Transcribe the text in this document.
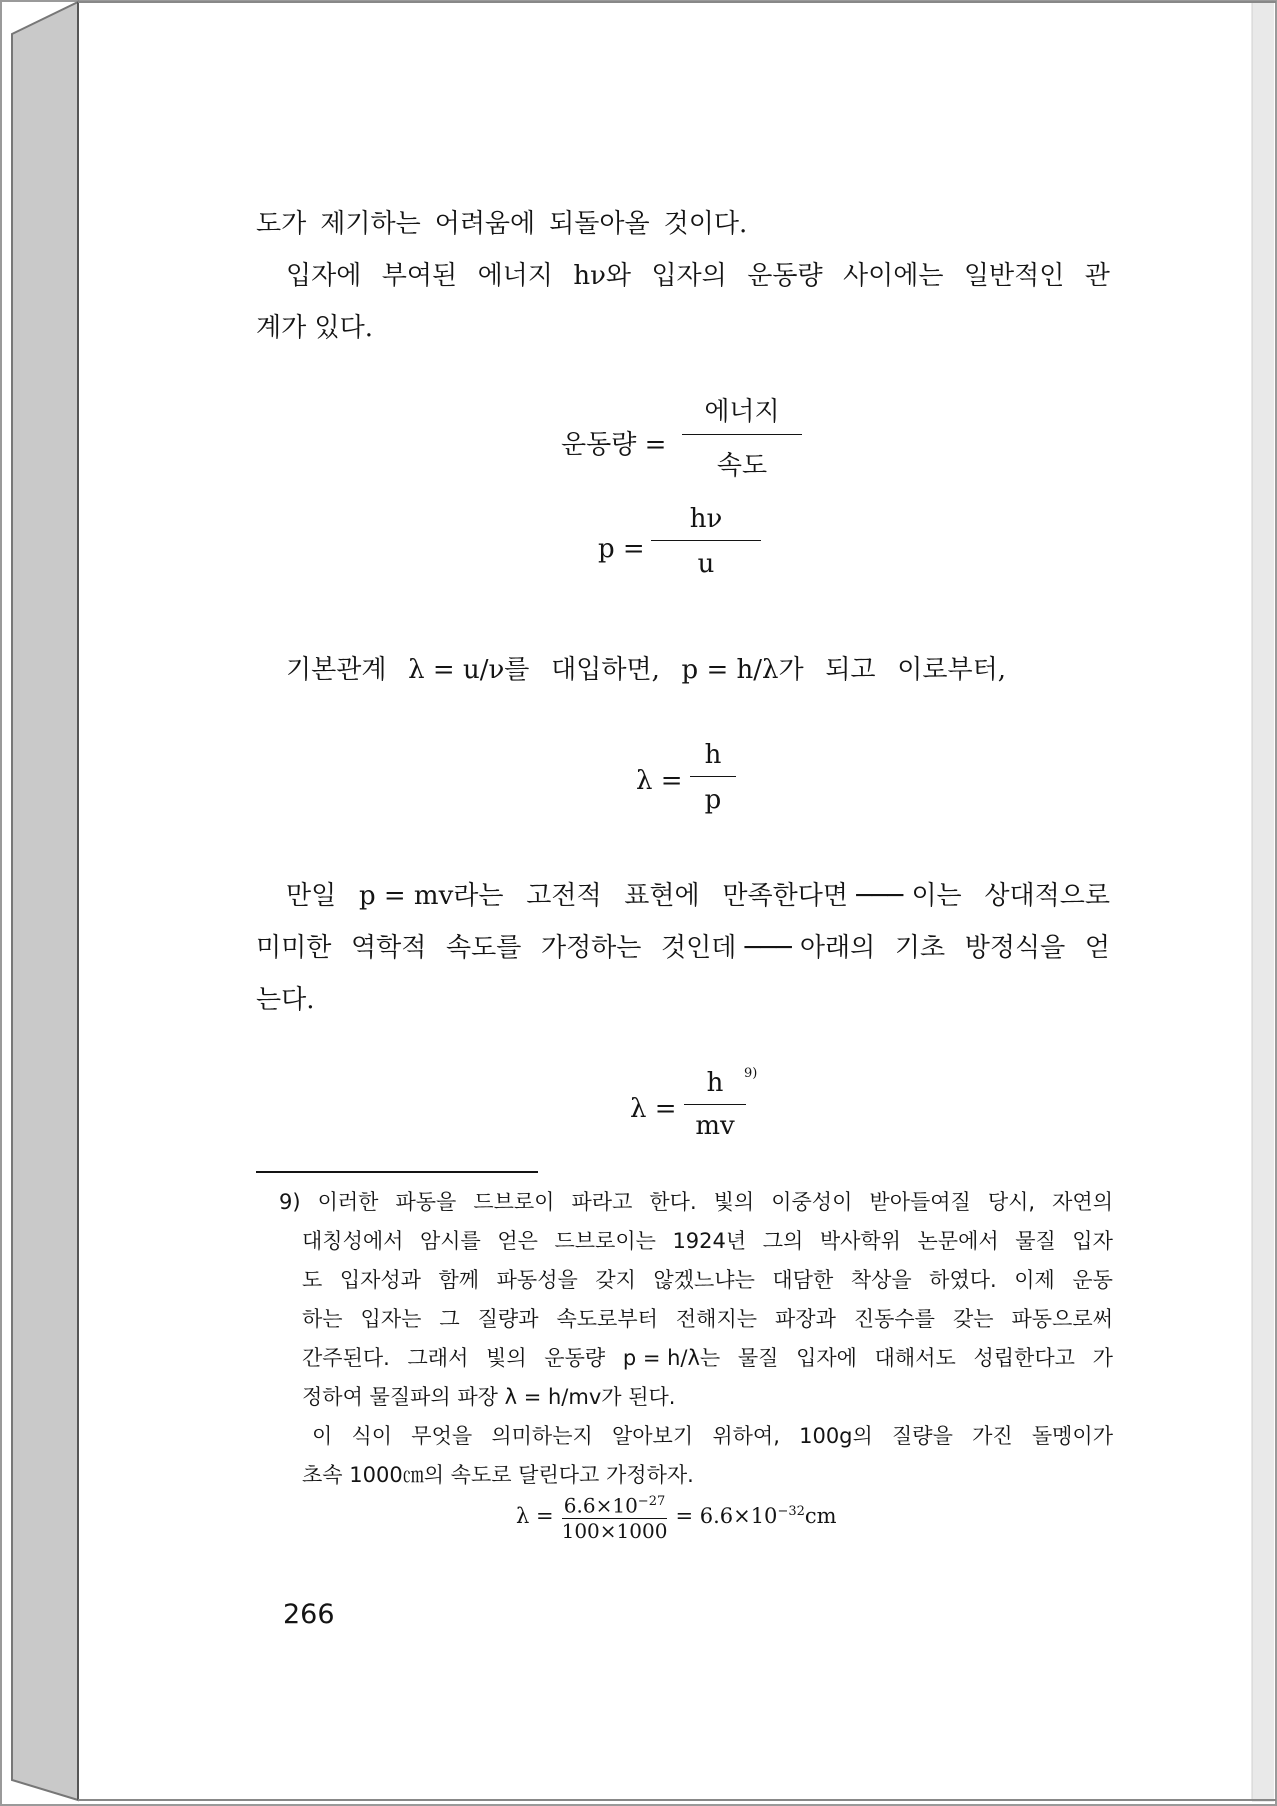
도가 제기하는 어려움에 되돌아올 것이다.
입자에 부여된 에너지 hν와 입자의 운동량 사이에는 일반적인 관
계가 있다.
운동량 =
에너지
속도
p =
hν
u
기본관계 λ = u/ν를 대입하면, p = h/λ가 되고 이로부터,
λ =
h
p
만일 p = mv라는 고전적 표현에 만족한다면 ─── 이는 상대적으로
미미한 역학적 속도를 가정하는 것인데 ─── 아래의 기초 방정식을 얻
는다.
λ =
h
mv
9)

9) 이러한 파동을 드브로이 파라고 한다. 빛의 이중성이 받아들여질 당시, 자연의

대칭성에서 암시를 얻은 드브로이는 1924년 그의 박사학위 논문에서 물질 입자

도 입자성과 함께 파동성을 갖지 않겠느냐는 대담한 착상을 하였다. 이제 운동

하는 입자는 그 질량과 속도로부터 전해지는 파장과 진동수를 갖는 파동으로써

간주된다. 그래서 빛의 운동량 p = h/λ는 물질 입자에 대해서도 성립한다고 가

정하여 물질파의 파장 λ = h/mv가 된다.

이 식이 무엇을 의미하는지 알아보기 위하여, 100g의 질량을 가진 돌멩이가

초속 1000㎝의 속도로 달린다고 가정하자.

$\lambda = \frac{6.6\times 10^{-27}}{100\times 1000} = 6.6\times 10^{-32}cm$
266
